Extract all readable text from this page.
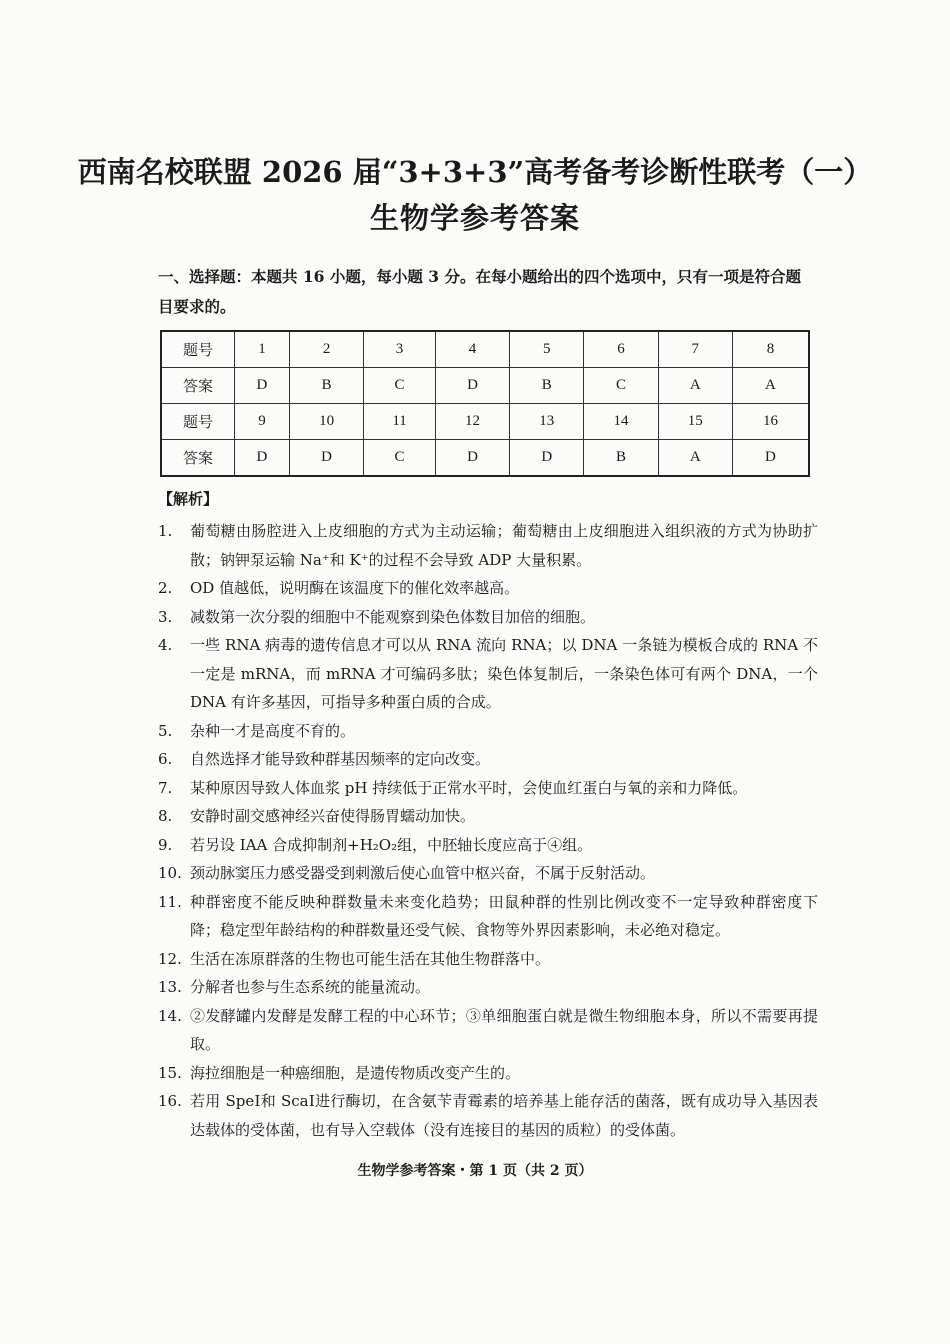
西南名校联盟 2026 届“3+3+3”高考备考诊断性联考（一）
生物学参考答案
一、选择题：本题共 16 小题，每小题 3 分。在每小题给出的四个选项中，只有一项是符合题目要求的。
题号	1	2	3	4	5	6	7	8
答案	D	B	C	D	B	C	A	A
题号	9	10	11	12	13	14	15	16
答案	D	D	C	D	D	B	A	D
【解析】
1.	葡萄糖由肠腔进入上皮细胞的方式为主动运输；葡萄糖由上皮细胞进入组织液的方式为协助扩散；钠钾泵运输 Na⁺和 K⁺的过程不会导致 ADP 大量积累。
2.	OD 值越低，说明酶在该温度下的催化效率越高。
3.	减数第一次分裂的细胞中不能观察到染色体数目加倍的细胞。
4.	一些 RNA 病毒的遗传信息才可以从 RNA 流向 RNA；以 DNA 一条链为模板合成的 RNA 不一定是 mRNA，而 mRNA 才可编码多肽；染色体复制后，一条染色体可有两个 DNA，一个 DNA 有许多基因，可指导多种蛋白质的合成。
5.	杂种一才是高度不育的。
6.	自然选择才能导致种群基因频率的定向改变。
7.	某种原因导致人体血浆 pH 持续低于正常水平时，会使血红蛋白与氧的亲和力降低。
8.	安静时副交感神经兴奋使得肠胃蠕动加快。
9.	若另设 IAA 合成抑制剂+H₂O₂组，中胚轴长度应高于④组。
10. 颈动脉窦压力感受器受到刺激后使心血管中枢兴奋，不属于反射活动。
11. 种群密度不能反映种群数量未来变化趋势；田鼠种群的性别比例改变不一定导致种群密度下降；稳定型年龄结构的种群数量还受气候、食物等外界因素影响，未必绝对稳定。
12. 生活在冻原群落的生物也可能生活在其他生物群落中。
13. 分解者也参与生态系统的能量流动。
14. ②发酵罐内发酵是发酵工程的中心环节；③单细胞蛋白就是微生物细胞本身，所以不需要再提取。
15. 海拉细胞是一种癌细胞，是遗传物质改变产生的。
16. 若用 SpeⅠ和 ScaⅠ进行酶切，在含氨苄青霉素的培养基上能存活的菌落，既有成功导入基因表达载体的受体菌，也有导入空载体（没有连接目的基因的质粒）的受体菌。
生物学参考答案・第 1 页（共 2 页）
